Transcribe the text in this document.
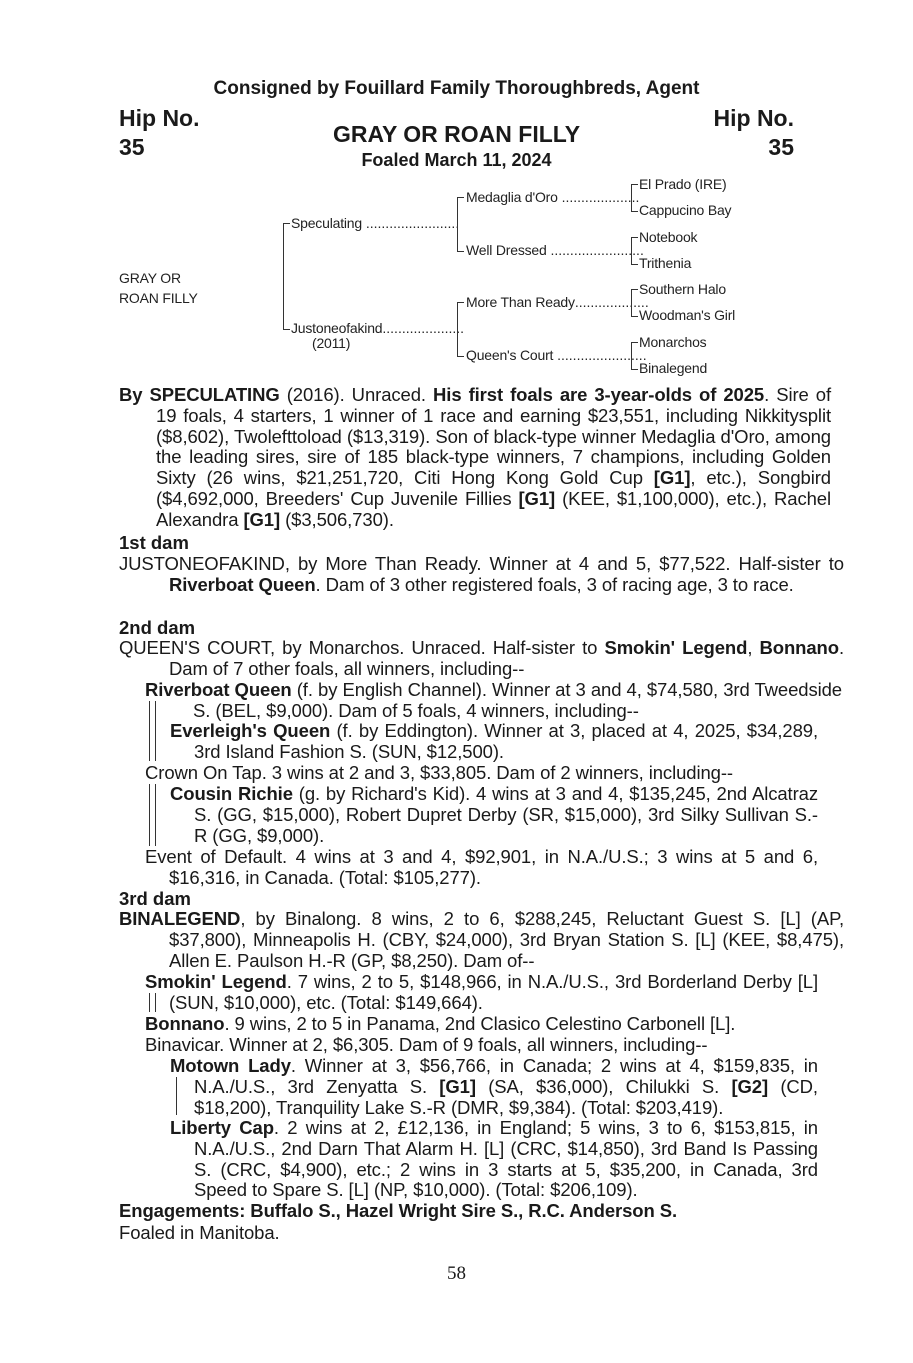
Consigned by Fouillard Family Thoroughbreds, Agent
Hip No.
35
Hip No.
35
GRAY OR ROAN FILLY
Foaled March 11, 2024
GRAY OR
ROAN FILLY
Speculating ........................
Justoneofakind.....................
(2011)
Medaglia d'Oro ....................
Well Dressed ........................
More Than Ready...................
Queen's Court .......................
El Prado (IRE)
Cappucino Bay
Notebook
Trithenia
Southern Halo
Woodman's Girl
Monarchos
Binalegend
By SPECULATING (2016). Unraced. His first foals are 3-year-olds of 2025. Sire of 19 foals, 4 starters, 1 winner of 1 race and earning $23,551, including Nikkitysplit ($8,602), Twolefttoload ($13,319). Son of black-type winner Medaglia d'Oro, among the leading sires, sire of 185 black-type winners, 7 champions, including Golden Sixty (26 wins, $21,251,720, Citi Hong Kong Gold Cup [G1], etc.), Songbird ($4,692,000, Breeders' Cup Juvenile Fillies [G1] (KEE, $1,100,000), etc.), Rachel Alexandra [G1] ($3,506,730).
1st dam
JUSTONEOFAKIND, by More Than Ready. Winner at 4 and 5, $77,522. Half-sister to Riverboat Queen. Dam of 3 other registered foals, 3 of racing age, 3 to race.
2nd dam
QUEEN'S COURT, by Monarchos. Unraced. Half-sister to Smokin' Legend, Bonnano. Dam of 7 other foals, all winners, including--
Riverboat Queen (f. by English Channel). Winner at 3 and 4, $74,580, 3rd Tweedside S. (BEL, $9,000). Dam of 5 foals, 4 winners, including--
Everleigh's Queen (f. by Eddington). Winner at 3, placed at 4, 2025, $34,289, 3rd Island Fashion S. (SUN, $12,500).
Crown On Tap. 3 wins at 2 and 3, $33,805. Dam of 2 winners, including--
Cousin Richie (g. by Richard's Kid). 4 wins at 3 and 4, $135,245, 2nd Alcatraz S. (GG, $15,000), Robert Dupret Derby (SR, $15,000), 3rd Silky Sullivan S.-R (GG, $9,000).
Event of Default. 4 wins at 3 and 4, $92,901, in N.A./U.S.; 3 wins at 5 and 6, $16,316, in Canada. (Total: $105,277).
3rd dam
BINALEGEND, by Binalong. 8 wins, 2 to 6, $288,245, Reluctant Guest S. [L] (AP, $37,800), Minneapolis H. (CBY, $24,000), 3rd Bryan Station S. [L] (KEE, $8,475), Allen E. Paulson H.-R (GP, $8,250). Dam of--
Smokin' Legend. 7 wins, 2 to 5, $148,966, in N.A./U.S., 3rd Borderland Derby [L] (SUN, $10,000), etc. (Total: $149,664).
Bonnano. 9 wins, 2 to 5 in Panama, 2nd Clasico Celestino Carbonell [L].
Binavicar. Winner at 2, $6,305. Dam of 9 foals, all winners, including--
Motown Lady. Winner at 3, $56,766, in Canada; 2 wins at 4, $159,835, in N.A./U.S., 3rd Zenyatta S. [G1] (SA, $36,000), Chilukki S. [G2] (CD, $18,200), Tranquility Lake S.-R (DMR, $9,384). (Total: $203,419).
Liberty Cap. 2 wins at 2, £12,136, in England; 5 wins, 3 to 6, $153,815, in N.A./U.S., 2nd Darn That Alarm H. [L] (CRC, $14,850), 3rd Band Is Passing S. (CRC, $4,900), etc.; 2 wins in 3 starts at 5, $35,200, in Canada, 3rd Speed to Spare S. [L] (NP, $10,000). (Total: $206,109).
Engagements: Buffalo S., Hazel Wright Sire S., R.C. Anderson S.
Foaled in Manitoba.
58
